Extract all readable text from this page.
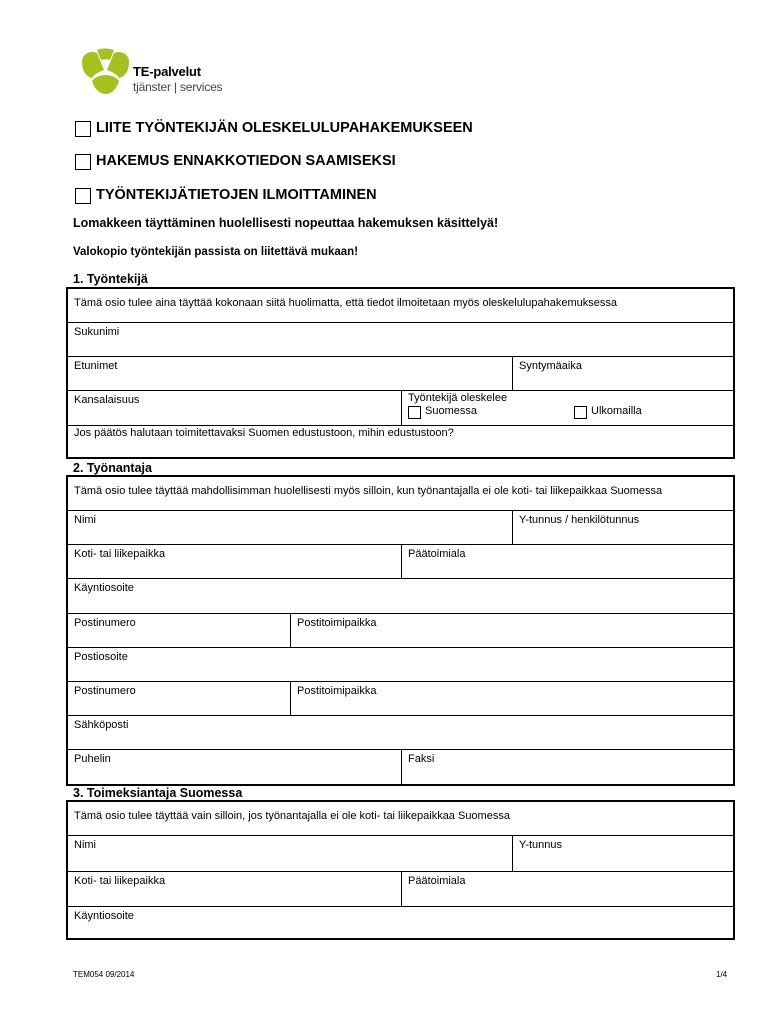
TE-palvelut
tjänster | services
LIITE TYÖNTEKIJÄN OLESKELULUPAHAKEMUKSEEN
HAKEMUS ENNAKKOTIEDON SAAMISEKSI
TYÖNTEKIJÄTIETOJEN ILMOITTAMINEN
Lomakkeen täyttäminen huolellisesti nopeuttaa hakemuksen käsittelyä!
Valokopio työntekijän passista on liitettävä mukaan!
1. Työntekijä
Tämä osio tulee aina täyttää kokonaan siitä huolimatta, että tiedot ilmoitetaan myös oleskelulupahakemuksessa
Sukunimi
Etunimet	Syntymäaika
Kansalaisuus	Työntekijä oleskelee
Suomessa	Ulkomailla
Jos päätös halutaan toimitettavaksi Suomen edustustoon, mihin edustustoon?
2. Työnantaja
Tämä osio tulee täyttää mahdollisimman huolellisesti myös silloin, kun työnantajalla ei ole koti- tai liikepaikkaa Suomessa
Nimi	Y-tunnus / henkilötunnus
Koti- tai liikepaikka	Päätoimiala
Käyntiosoite
Postinumero	Postitoimipaikka
Postiosoite
Postinumero	Postitoimipaikka
Sähköposti
Puhelin	Faksi
3. Toimeksiantaja Suomessa
Tämä osio tulee täyttää vain silloin, jos työnantajalla ei ole koti- tai liikepaikkaa Suomessa
Nimi	Y-tunnus
Koti- tai liikepaikka	Päätoimiala
Käyntiosoite
TEM054 09/2014	1/4
